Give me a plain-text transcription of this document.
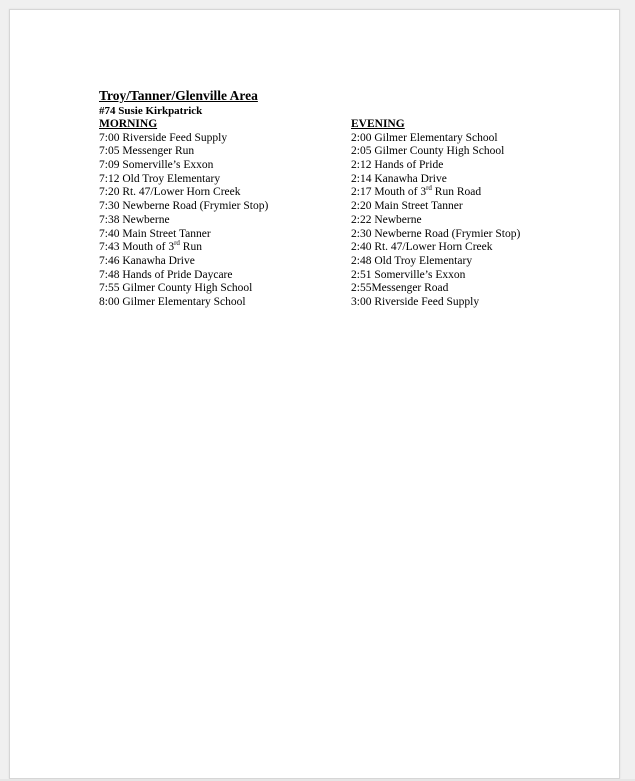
Troy/Tanner/Glenville Area
#74 Susie Kirkpatrick
MORNING
7:00 Riverside Feed Supply
7:05 Messenger Run
7:09 Somerville’s Exxon
7:12 Old Troy Elementary
7:20 Rt. 47/Lower Horn Creek
7:30 Newberne Road (Frymier Stop)
7:38 Newberne
7:40 Main Street Tanner
7:43 Mouth of 3rd Run
7:46 Kanawha Drive
7:48 Hands of Pride Daycare
7:55 Gilmer County High School
8:00 Gilmer Elementary School
EVENING
2:00 Gilmer Elementary School
2:05 Gilmer County High School
2:12 Hands of Pride
2:14 Kanawha Drive
2:17 Mouth of 3rd Run Road
2:20 Main Street Tanner
2:22 Newberne
2:30 Newberne Road (Frymier Stop)
2:40 Rt. 47/Lower Horn Creek
2:48 Old Troy Elementary
2:51 Somerville’s Exxon
2:55Messenger Road
3:00 Riverside Feed Supply
